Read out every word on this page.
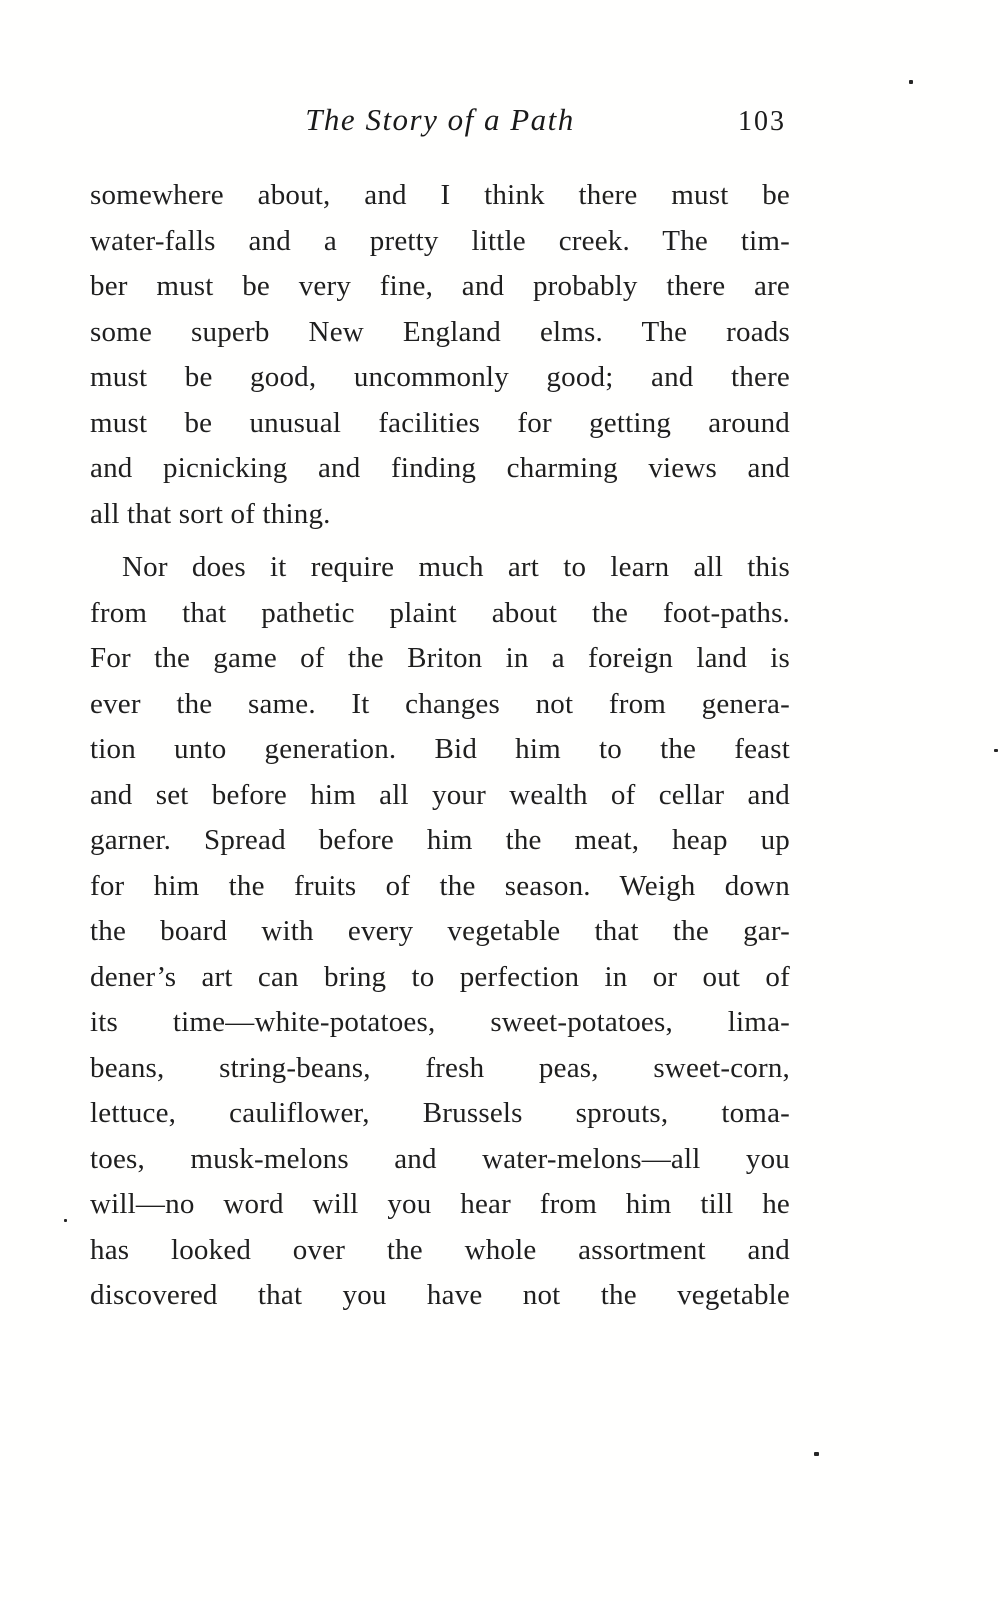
The Story of a Path	103
somewhere about, and I think there must be
water-falls and a pretty little creek. The tim-
ber must be very fine, and probably there are
some superb New England elms. The roads
must be good, uncommonly good; and there
must be unusual facilities for getting around
and picnicking and finding charming views and
all that sort of thing.
Nor does it require much art to learn all this
from that pathetic plaint about the foot-paths.
For the game of the Briton in a foreign land is
ever the same. It changes not from genera-
tion unto generation. Bid him to the feast
and set before him all your wealth of cellar and
garner. Spread before him the meat, heap up
for him the fruits of the season. Weigh down
the board with every vegetable that the gar-
dener’s art can bring to perfection in or out of
its time—white-potatoes, sweet-potatoes, lima-
beans, string-beans, fresh peas, sweet-corn,
lettuce, cauliflower, Brussels sprouts, toma-
toes, musk-melons and water-melons—all you
will—no word will you hear from him till he
has looked over the whole assortment and
discovered that you have not the vegetable
